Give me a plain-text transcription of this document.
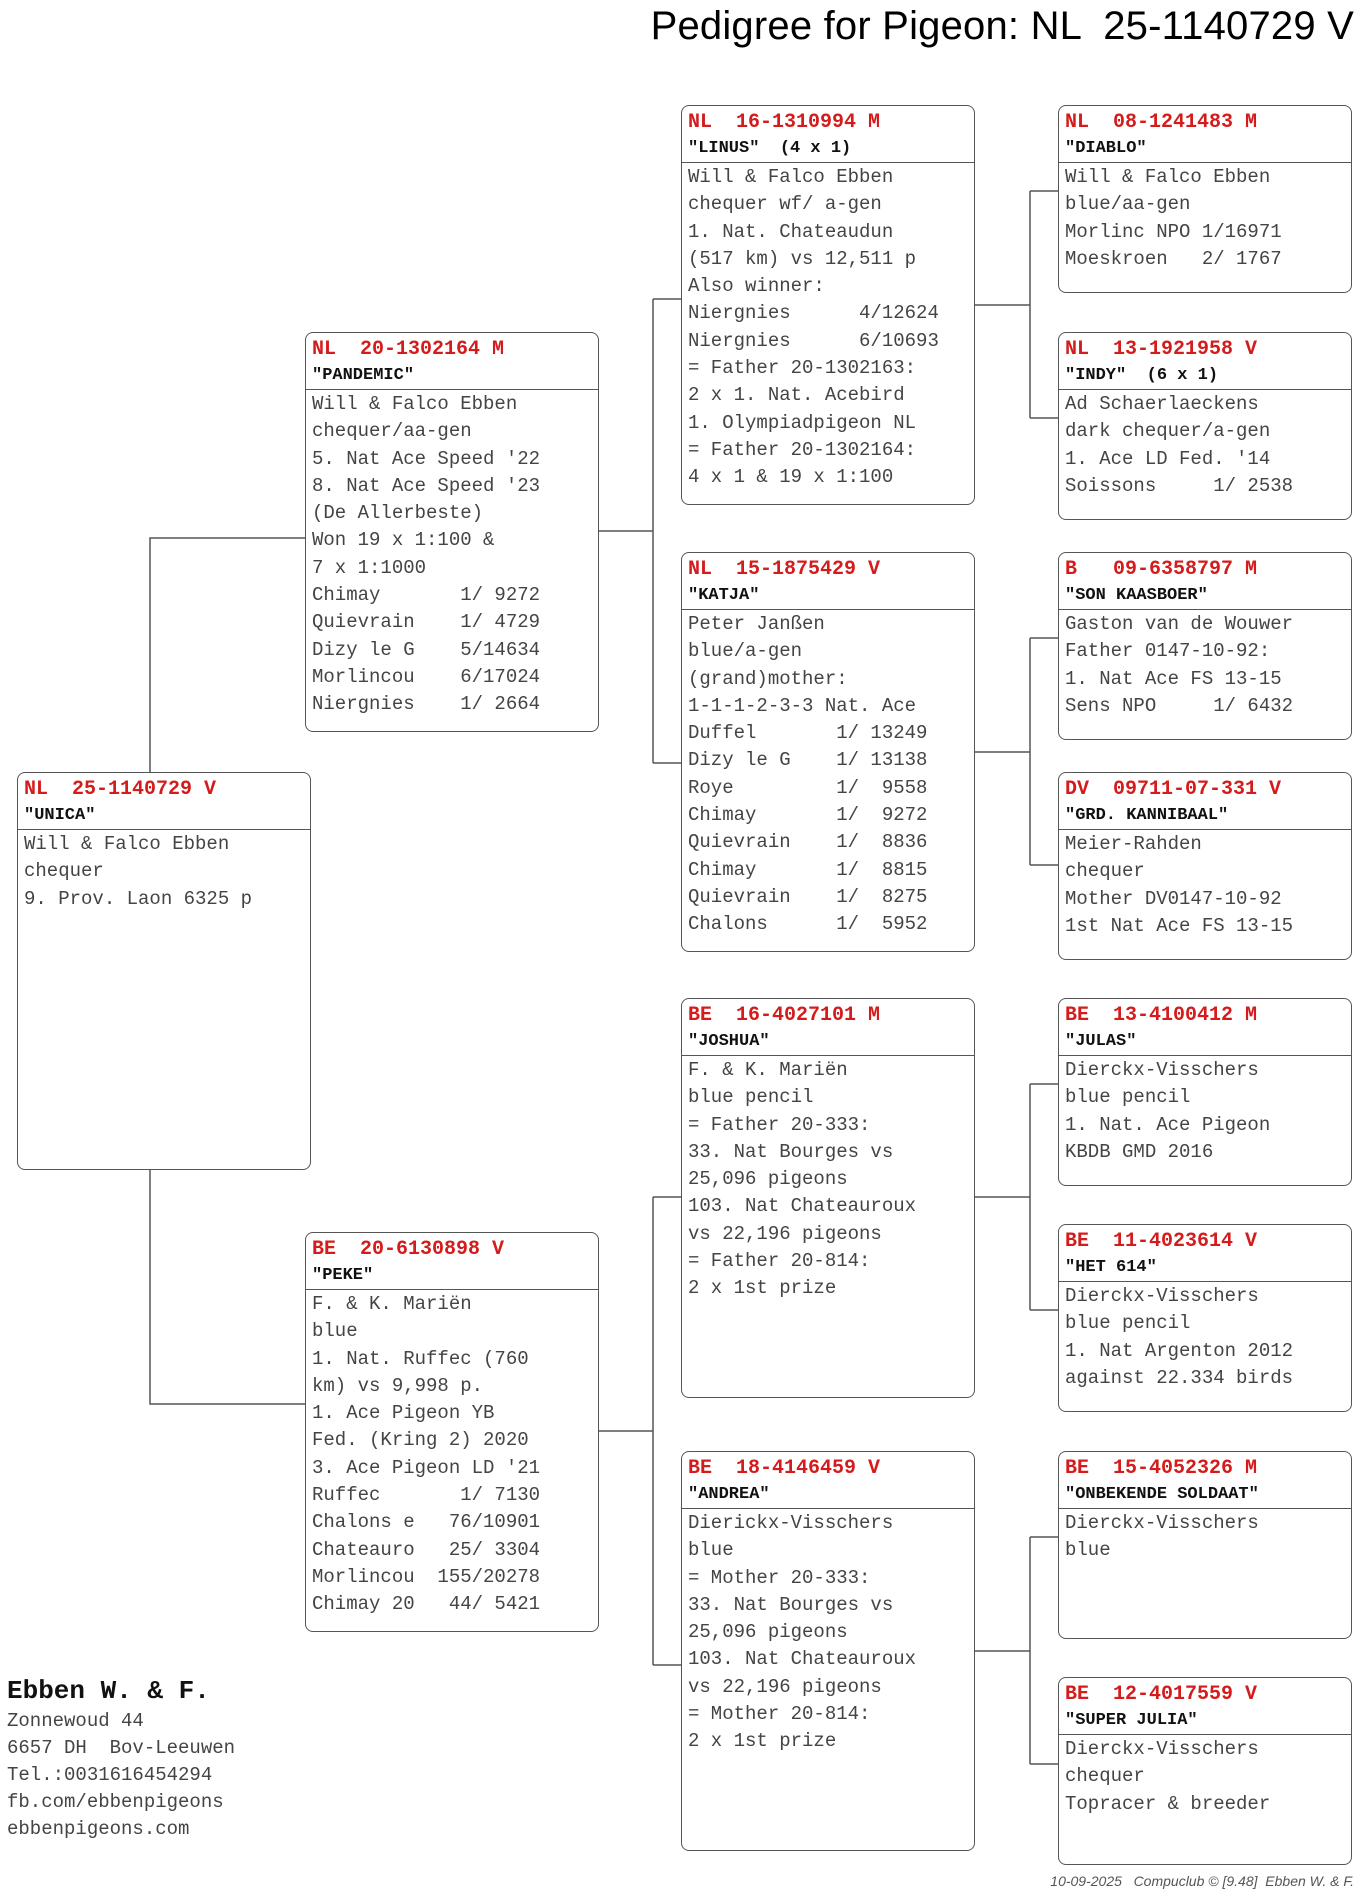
Pedigree for Pigeon: NL  25-1140729 V
NL  25-1140729 V
"UNICA"
Will & Falco Ebben
chequer
9. Prov. Laon 6325 p
NL  20-1302164 M
"PANDEMIC"
Will & Falco Ebben
chequer/aa-gen
5. Nat Ace Speed '22
8. Nat Ace Speed '23
(De Allerbeste)
Won 19 x 1:100 &
7 x 1:1000
Chimay       1/ 9272
Quievrain    1/ 4729
Dizy le G    5/14634
Morlincou    6/17024
Niergnies    1/ 2664
BE  20-6130898 V
"PEKE"
F. & K. Mariën
blue
1. Nat. Ruffec (760
km) vs 9,998 p.
1. Ace Pigeon YB
Fed. (Kring 2) 2020
3. Ace Pigeon LD '21
Ruffec       1/ 7130
Chalons e   76/10901
Chateauro   25/ 3304
Morlincou  155/20278
Chimay 20   44/ 5421
NL  16-1310994 M
"LINUS"  (4 x 1)
Will & Falco Ebben
chequer wf/ a-gen
1. Nat. Chateaudun
(517 km) vs 12,511 p
Also winner:
Niergnies      4/12624
Niergnies      6/10693
= Father 20-1302163:
2 x 1. Nat. Acebird
1. Olympiadpigeon NL
= Father 20-1302164:
4 x 1 & 19 x 1:100
NL  15-1875429 V
"KATJA"
Peter Janßen
blue/a-gen
(grand)mother:
1-1-1-2-3-3 Nat. Ace
Duffel       1/ 13249
Dizy le G    1/ 13138
Roye         1/  9558
Chimay       1/  9272
Quievrain    1/  8836
Chimay       1/  8815
Quievrain    1/  8275
Chalons      1/  5952
BE  16-4027101 M
"JOSHUA"
F. & K. Mariën
blue pencil
= Father 20-333:
33. Nat Bourges vs
25,096 pigeons
103. Nat Chateauroux
vs 22,196 pigeons
= Father 20-814:
2 x 1st prize
BE  18-4146459 V
"ANDREA"
Dierickx-Visschers
blue
= Mother 20-333:
33. Nat Bourges vs
25,096 pigeons
103. Nat Chateauroux
vs 22,196 pigeons
= Mother 20-814:
2 x 1st prize
NL  08-1241483 M
"DIABLO"
Will & Falco Ebben
blue/aa-gen
Morlinc NPO 1/16971
Moeskroen   2/ 1767
NL  13-1921958 V
"INDY"  (6 x 1)
Ad Schaerlaeckens
dark chequer/a-gen
1. Ace LD Fed. '14
Soissons     1/ 2538
B   09-6358797 M
"SON KAASBOER"
Gaston van de Wouwer
Father 0147-10-92:
1. Nat Ace FS 13-15
Sens NPO     1/ 6432
DV  09711-07-331 V
"GRD. KANNIBAAL"
Meier-Rahden
chequer
Mother DV0147-10-92
1st Nat Ace FS 13-15
BE  13-4100412 M
"JULAS"
Dierckx-Visschers
blue pencil
1. Nat. Ace Pigeon
KBDB GMD 2016
BE  11-4023614 V
"HET 614"
Dierckx-Visschers
blue pencil
1. Nat Argenton 2012
against 22.334 birds
BE  15-4052326 M
"ONBEKENDE SOLDAAT"
Dierckx-Visschers
blue
BE  12-4017559 V
"SUPER JULIA"
Dierckx-Visschers
chequer
Topracer & breeder
Ebben W. & F.
Zonnewoud 44
6657 DH  Bov-Leeuwen
Tel.:0031616454294
fb.com/ebbenpigeons
ebbenpigeons.com
10-09-2025   Compuclub © [9.48]  Ebben W. & F.
